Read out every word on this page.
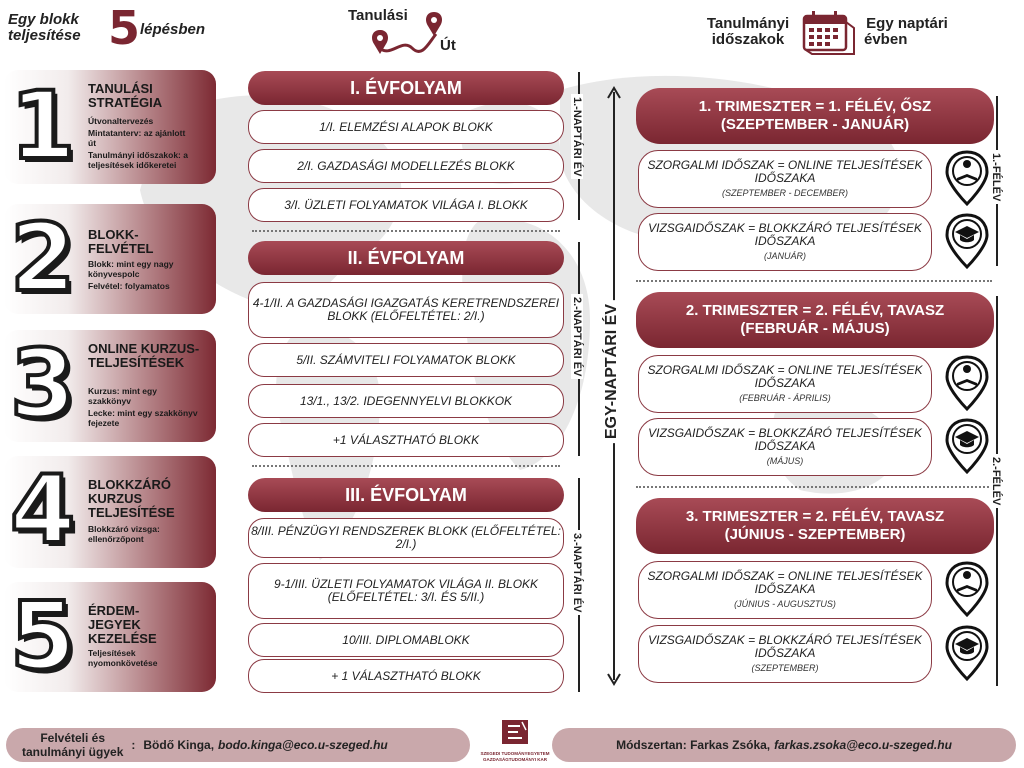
Egy blokk
teljesítése 5 lépésben
Tanulási
Út
Tanulmányi
időszakok
Egy naptári
évben
1 TANULÁSI STRATÉGIA
Útvonaltervezés
Mintatanterv: az ajánlott út
Tanulmányi időszakok: a teljesítések időkeretei
2 BLOKK-FELVÉTEL
Blokk: mint egy nagy könyvespolc
Felvétel: folyamatos
3 ONLINE KURZUS-TELJESÍTÉSEK
Kurzus: mint egy szakkönyv
Lecke: mint egy szakkönyv fejezete
4 BLOKKZÁRÓ KURZUS TELJESÍTÉSE
Blokkzáró vizsga: ellenőrzőpont
5 ÉRDEM-JEGYEK KEZELÉSE
Teljesítések nyomonkövetése
I. ÉVFOLYAM
1/I. ELEMZÉSI ALAPOK BLOKK
2/I. GAZDASÁGI MODELLEZÉS BLOKK
3/I. ÜZLETI FOLYAMATOK VILÁGA I. BLOKK
II. ÉVFOLYAM
4-1/II. A GAZDASÁGI IGAZGATÁS KERETRENDSZEREI BLOKK (ELŐFELTÉTEL: 2/I.)
5/II. SZÁMVITELI FOLYAMATOK BLOKK
13/1., 13/2. IDEGENNYELVI BLOKKOK
+1 VÁLASZTHATÓ BLOKK
III. ÉVFOLYAM
8/III. PÉNZÜGYI RENDSZEREK BLOKK (ELŐFELTÉTEL: 2/I.)
9-1/III. ÜZLETI FOLYAMATOK VILÁGA II. BLOKK (ELŐFELTÉTEL: 3/I. ÉS 5/II.)
10/III. DIPLOMABLOKK
+ 1 VÁLASZTHATÓ BLOKK
1.-NAPTÁRI ÉV
2.-NAPTÁRI ÉV
3.-NAPTÁRI ÉV
EGY-NAPTÁRI ÉV
1. TRIMESZTER = 1. FÉLÉV, ŐSZ
(SZEPTEMBER - JANUÁR)
SZORGALMI IDŐSZAK = ONLINE TELJESÍTÉSEK IDŐSZAKA
(SZEPTEMBER - DECEMBER)
VIZSGAIDŐSZAK = BLOKKZÁRÓ TELJESÍTÉSEK IDŐSZAKA
(JANUÁR)
2. TRIMESZTER = 2. FÉLÉV, TAVASZ
(FEBRUÁR - MÁJUS)
SZORGALMI IDŐSZAK = ONLINE TELJESÍTÉSEK IDŐSZAKA
(FEBRUÁR - ÁPRILIS)
VIZSGAIDŐSZAK = BLOKKZÁRÓ TELJESÍTÉSEK IDŐSZAKA
(MÁJUS)
3. TRIMESZTER = 2. FÉLÉV, TAVASZ
(JÚNIUS - SZEPTEMBER)
SZORGALMI IDŐSZAK = ONLINE TELJESÍTÉSEK IDŐSZAKA
(JÚNIUS - AUGUSZTUS)
VIZSGAIDŐSZAK = BLOKKZÁRÓ TELJESÍTÉSEK IDŐSZAKA
(SZEPTEMBER)
1.-FÉLÉV
2.-FÉLÉV
Felvételi és
tanulmányi ügyek : Bödő Kinga, bodo.kinga@eco.u-szeged.hu
SZEGEDI TUDOMÁNYEGYETEM
GAZDASÁGTUDOMÁNYI KAR
Módszertan: Farkas Zsóka, farkas.zsoka@eco.u-szeged.hu
